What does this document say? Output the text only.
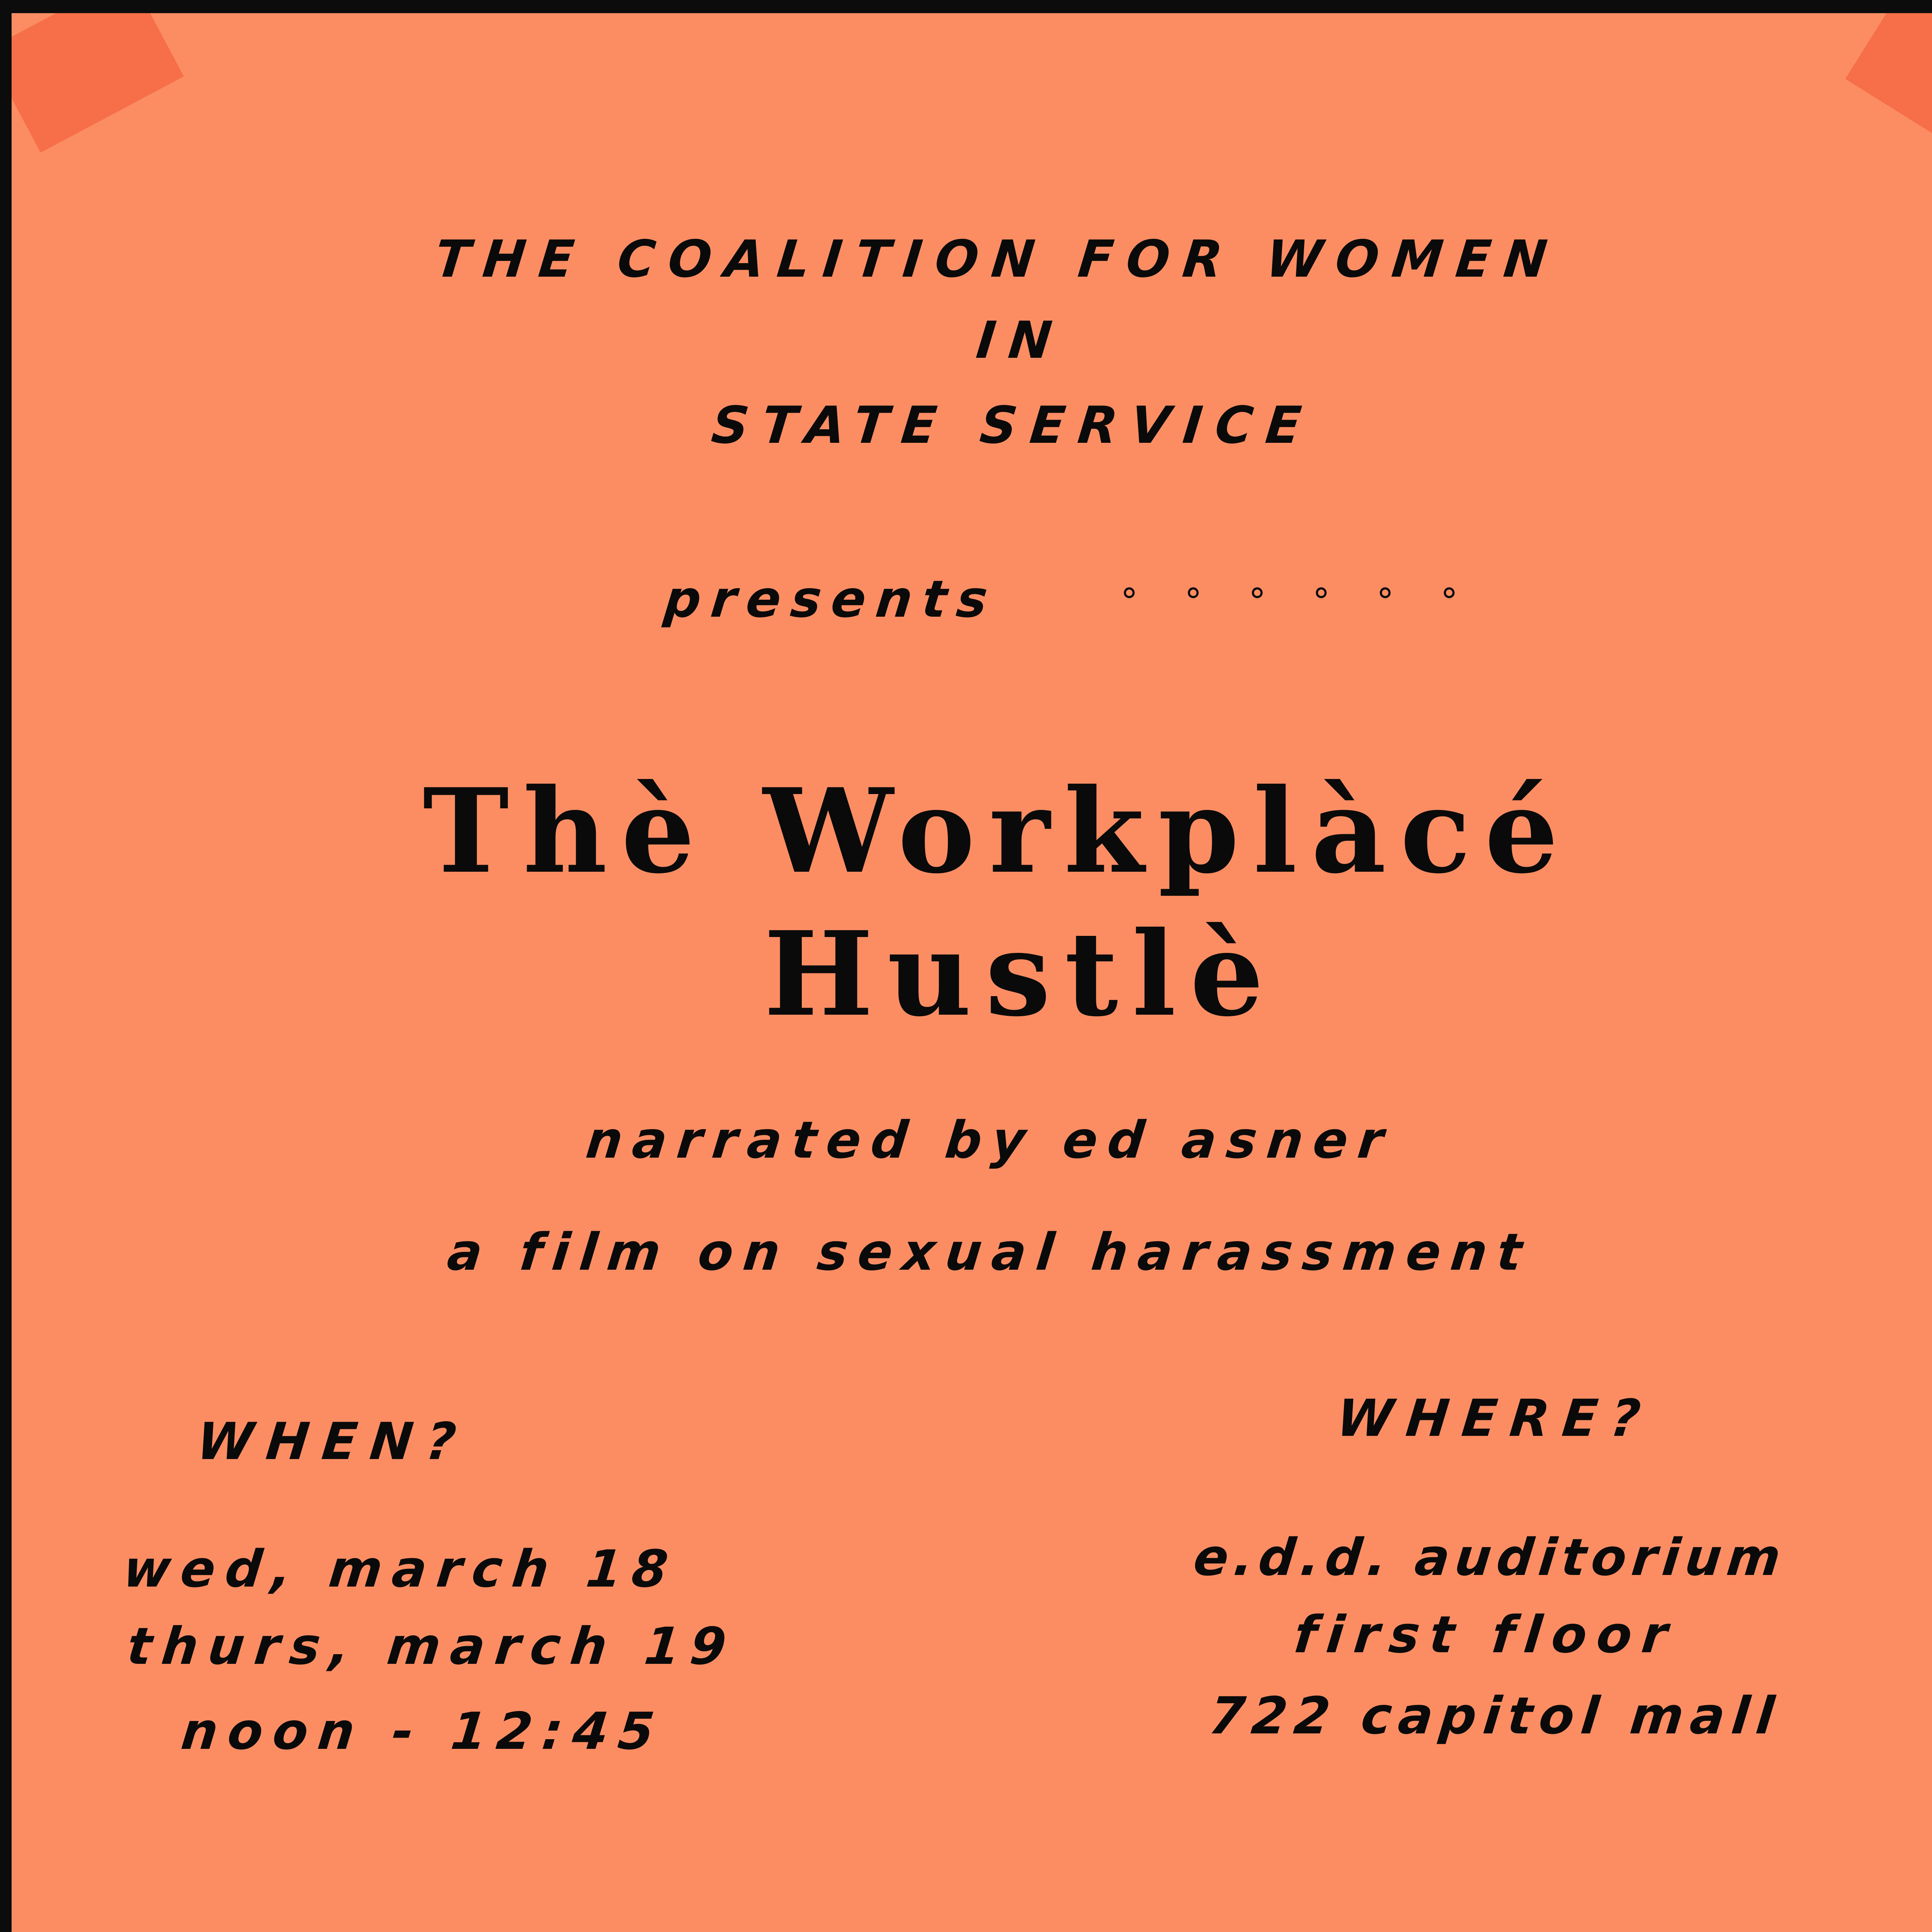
THE COALITION FOR WOMEN
IN
STATE SERVICE
presents	° ° ° ° ° °
Thè Workplàcé
Hustlè
narrated by ed asner
a film on sexual harassment
WHEN?
wed, march 18
thurs, march 19
noon - 12:45
WHERE?
e.d.d. auditorium
first floor
722 capitol mall
